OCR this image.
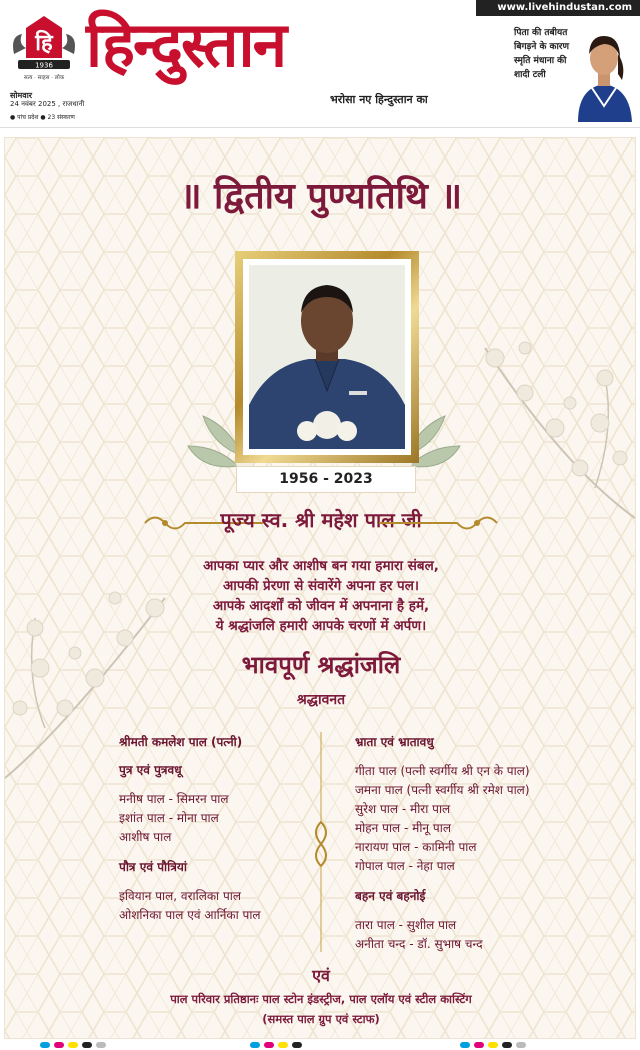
हि
1936
सत्य · साहस · लोक
सोमवार
24 नवंबर 2025 , राजधानी
● पांच प्रदेश ● 23 संस्करण
हिन्दुस्तान
भरोसा नए हिन्दुस्तान का
www.livehindustan.com
पिता की तबीयत बिगड़ने के कारण स्मृति मंधाना की शादी टली
॥ द्वितीय पुण्यतिथि ॥
1956 - 2023
पूज्य स्व. श्री महेश पाल जी
आपका प्यार और आशीष बन गया हमारा संबल,
आपकी प्रेरणा से संवारेंगे अपना हर पल।
आपके आदर्शों को जीवन में अपनाना है हमें,
ये श्रद्धांजलि हमारी आपके चरणों में अर्पण।
भावपूर्ण श्रद्धांजलि
श्रद्धावनत
श्रीमती कमलेश पाल (पत्नी)
पुत्र एवं पुत्रवधू
मनीष पाल - सिमरन पाल
इशांत पाल - मोना पाल
आशीष पाल
पौत्र एवं पौत्रियां
इवियान पाल, वरालिका पाल
ओशनिका पाल एवं आर्निका पाल
भ्राता एवं भ्रातावधु
गीता पाल (पत्नी स्वर्गीय श्री एन के पाल)
जमना पाल (पत्नी स्वर्गीय श्री रमेश पाल)
सुरेश पाल - मीरा पाल
मोहन पाल - मीनू पाल
नारायण पाल - कामिनी पाल
गोपाल पाल - नेहा पाल
बहन एवं बहनोई
तारा पाल - सुशील पाल
अनीता चन्द - डॉ. सुभाष चन्द
एवं
पाल परिवार प्रतिष्ठानः पाल स्टोन इंडस्ट्रीज, पाल एलॉय एवं स्टील कास्टिंग
(समस्त पाल ग्रुप एवं स्टाफ)
